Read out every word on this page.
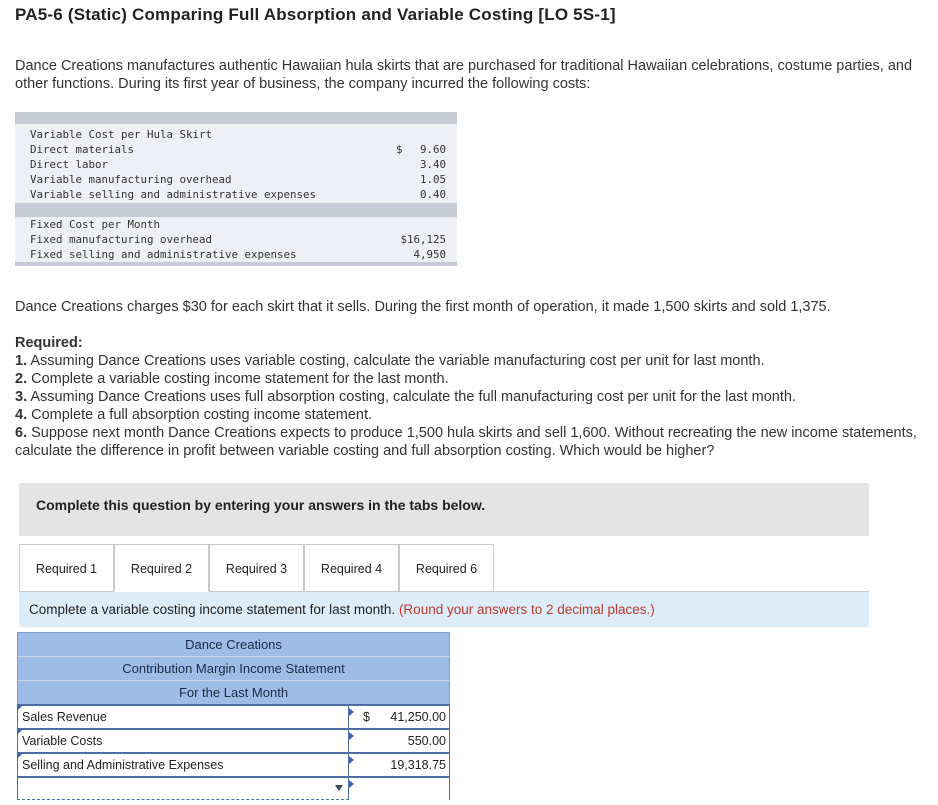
PA5-6 (Static) Comparing Full Absorption and Variable Costing [LO 5S-1]
Dance Creations manufactures authentic Hawaiian hula skirts that are purchased for traditional Hawaiian celebrations, costume parties, and other functions. During its first year of business, the company incurred the following costs:
Variable Cost per Hula Skirt
Direct materials	$ 9.60
Direct labor	3.40
Variable manufacturing overhead	1.05
Variable selling and administrative expenses	0.40
Fixed Cost per Month
Fixed manufacturing overhead	$16,125
Fixed selling and administrative expenses	4,950
Dance Creations charges $30 for each skirt that it sells. During the first month of operation, it made 1,500 skirts and sold 1,375.
Required:
1. Assuming Dance Creations uses variable costing, calculate the variable manufacturing cost per unit for last month.
2. Complete a variable costing income statement for the last month.
3. Assuming Dance Creations uses full absorption costing, calculate the full manufacturing cost per unit for the last month.
4. Complete a full absorption costing income statement.
6. Suppose next month Dance Creations expects to produce 1,500 hula skirts and sell 1,600. Without recreating the new income statements, calculate the difference in profit between variable costing and full absorption costing. Which would be higher?
Complete this question by entering your answers in the tabs below.
Required 1	Required 2	Required 3	Required 4	Required 6
Complete a variable costing income statement for last month. (Round your answers to 2 decimal places.)
Dance Creations
Contribution Margin Income Statement
For the Last Month
Sales Revenue	$ 41,250.00
Variable Costs	550.00
Selling and Administrative Expenses	19,318.75
